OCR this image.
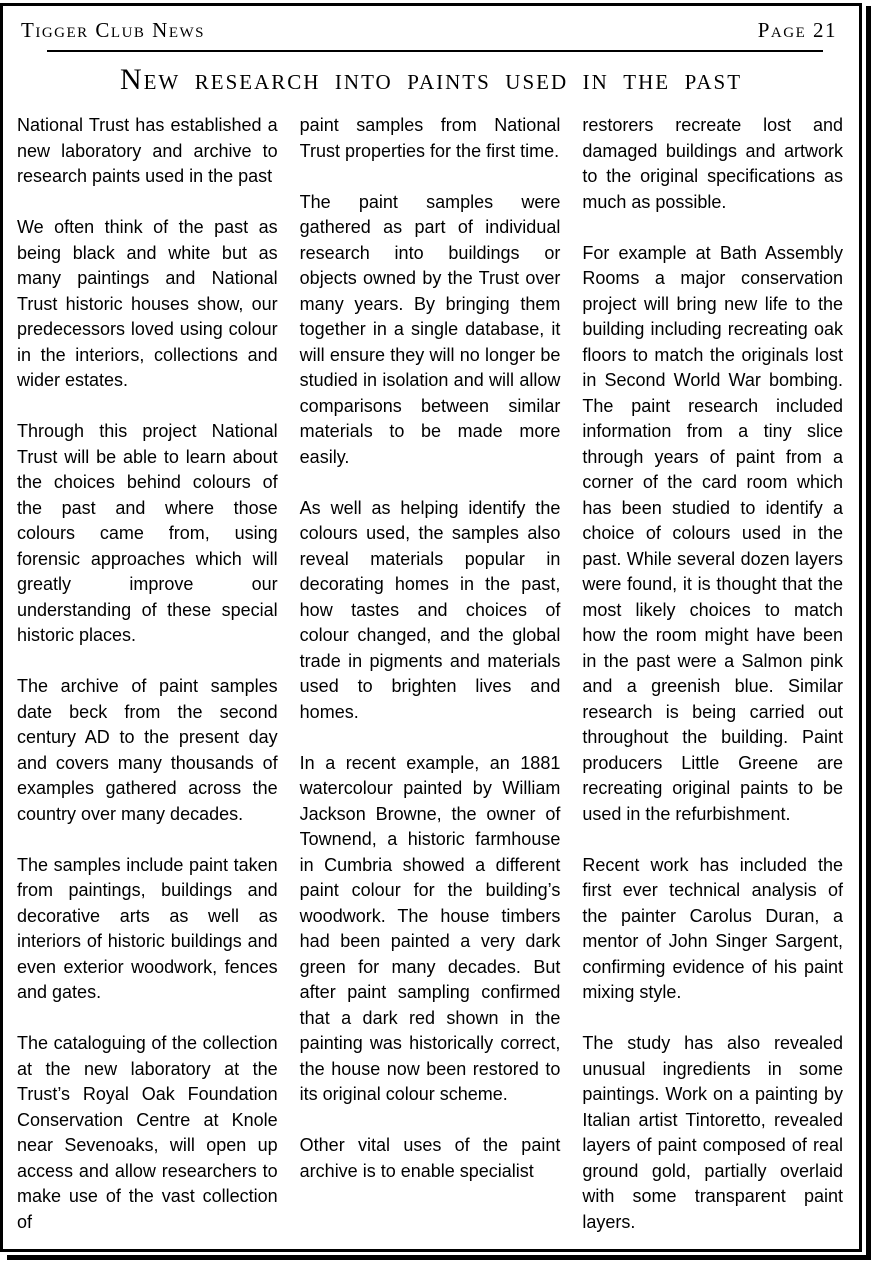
Tigger Club News	Page 21
New research into paints used in the past

National Trust has established a new laboratory and archive to research paints used in the past

We often think of the past as being black and white but as many paintings and National Trust historic houses show, our predecessors loved using colour in the interiors, collections and wider estates.

Through this project National Trust will be able to learn about the choices behind colours of the past and where those colours came from, using forensic approaches which will greatly improve our understanding of these special historic places.

The archive of paint samples date beck from the second century AD to the present day and covers many thousands of examples gathered across the country over many decades.

The samples include paint taken from paintings, buildings and decorative arts as well as interiors of historic buildings and even exterior woodwork, fences and gates.

The cataloguing of the collection at the new laboratory at the Trust’s Royal Oak Foundation Conservation Centre at Knole near Sevenoaks, will open up access and allow researchers to make use of the vast collection of

paint samples from National Trust properties for the first time.

The paint samples were gathered as part of individual research into buildings or objects owned by the Trust over many years. By bringing them together in a single database, it will ensure they will no longer be studied in isolation and will allow comparisons between similar materials to be made more easily.

As well as helping identify the colours used, the samples also reveal materials popular in decorating homes in the past, how tastes and choices of colour changed, and the global trade in pigments and materials used to brighten lives and homes.

In a recent example, an 1881 watercolour painted by William Jackson Browne, the owner of Townend, a historic farmhouse in Cumbria showed a different paint colour for the building’s woodwork. The house timbers had been painted a very dark green for many decades. But after paint sampling confirmed that a dark red shown in the painting was historically correct, the house now been restored to its original colour scheme.

Other vital uses of the paint archive is to enable specialist

restorers recreate lost and damaged buildings and artwork to the original specifications as much as possible.

For example at Bath Assembly Rooms a major conservation project will bring new life to the building including recreating oak floors to match the originals lost in Second World War bombing. The paint research included information from a tiny slice through years of paint from a corner of the card room which has been studied to identify a choice of colours used in the past. While several dozen layers were found, it is thought that the most likely choices to match how the room might have been in the past were a Salmon pink and a greenish blue. Similar research is being carried out throughout the building. Paint producers Little Greene are recreating original paints to be used in the refurbishment.

Recent work has included the first ever technical analysis of the painter Carolus Duran, a mentor of John Singer Sargent, confirming evidence of his paint mixing style.

The study has also revealed unusual ingredients in some paintings. Work on a painting by Italian artist Tintoretto, revealed layers of paint composed of real ground gold, partially overlaid with some transparent paint layers.
